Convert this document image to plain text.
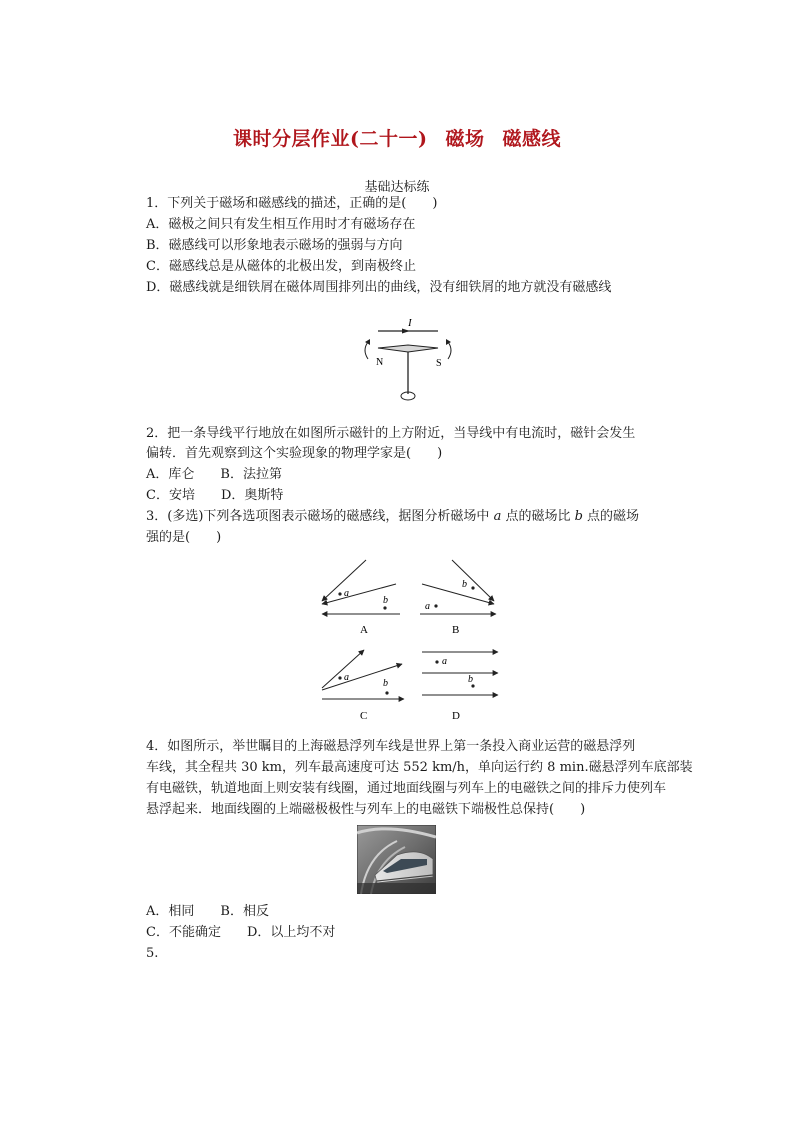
课时分层作业(二十一) 磁场 磁感线
基础达标练
1．下列关于磁场和磁感线的描述，正确的是(　　)
A．磁极之间只有发生相互作用时才有磁场存在
B．磁感线可以形象地表示磁场的强弱与方向
C．磁感线总是从磁体的北极出发，到南极终止
D．磁感线就是细铁屑在磁体周围排列出的曲线，没有细铁屑的地方就没有磁感线
I
N	S
2．把一条导线平行地放在如图所示磁针的上方附近，当导线中有电流时，磁针会发生
偏转．首先观察到这个实验现象的物理学家是(　　)
A．库仑　　B．法拉第
C．安培　　D．奥斯特
3．(多选)下列各选项图表示磁场的磁感线，据图分析磁场中 a 点的磁场比 b 点的磁场
强的是(　　)
a
b
A
b
a
B
a
b
C
a
b
D
4．如图所示，举世瞩目的上海磁悬浮列车线是世界上第一条投入商业运营的磁悬浮列
车线，其全程共 30 km，列车最高速度可达 552 km/h，单向运行约 8 min.磁悬浮列车底部装
有电磁铁，轨道地面上则安装有线圈，通过地面线圈与列车上的电磁铁之间的排斥力使列车
悬浮起来．地面线圈的上端磁极极性与列车上的电磁铁下端极性总保持(　　)
A．相同　　B．相反
C．不能确定　　D．以上均不对
5.
